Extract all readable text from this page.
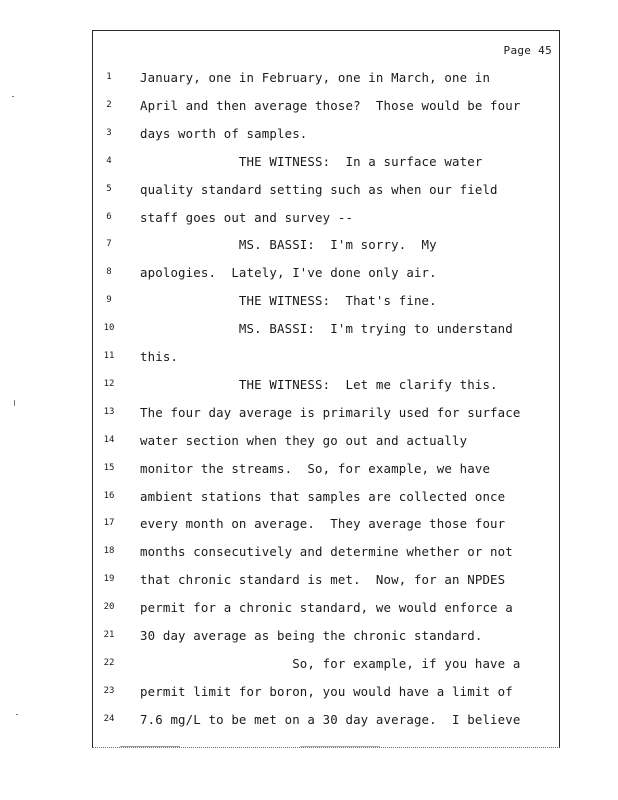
Page 45
1	January, one in February, one in March, one in
2	April and then average those?  Those would be four
3	days worth of samples.
4	THE WITNESS:  In a surface water
5	quality standard setting such as when our field
6	staff goes out and survey --
7	MS. BASSI:  I'm sorry.  My
8	apologies.  Lately, I've done only air.
9	THE WITNESS:  That's fine.
10	MS. BASSI:  I'm trying to understand
11	this.
12	THE WITNESS:  Let me clarify this.
13	The four day average is primarily used for surface
14	water section when they go out and actually
15	monitor the streams.  So, for example, we have
16	ambient stations that samples are collected once
17	every month on average.  They average those four
18	months consecutively and determine whether or not
19	that chronic standard is met.  Now, for an NPDES
20	permit for a chronic standard, we would enforce a
21	30 day average as being the chronic standard.
22	So, for example, if you have a
23	permit limit for boron, you would have a limit of
24	7.6 mg/L to be met on a 30 day average.  I believe
